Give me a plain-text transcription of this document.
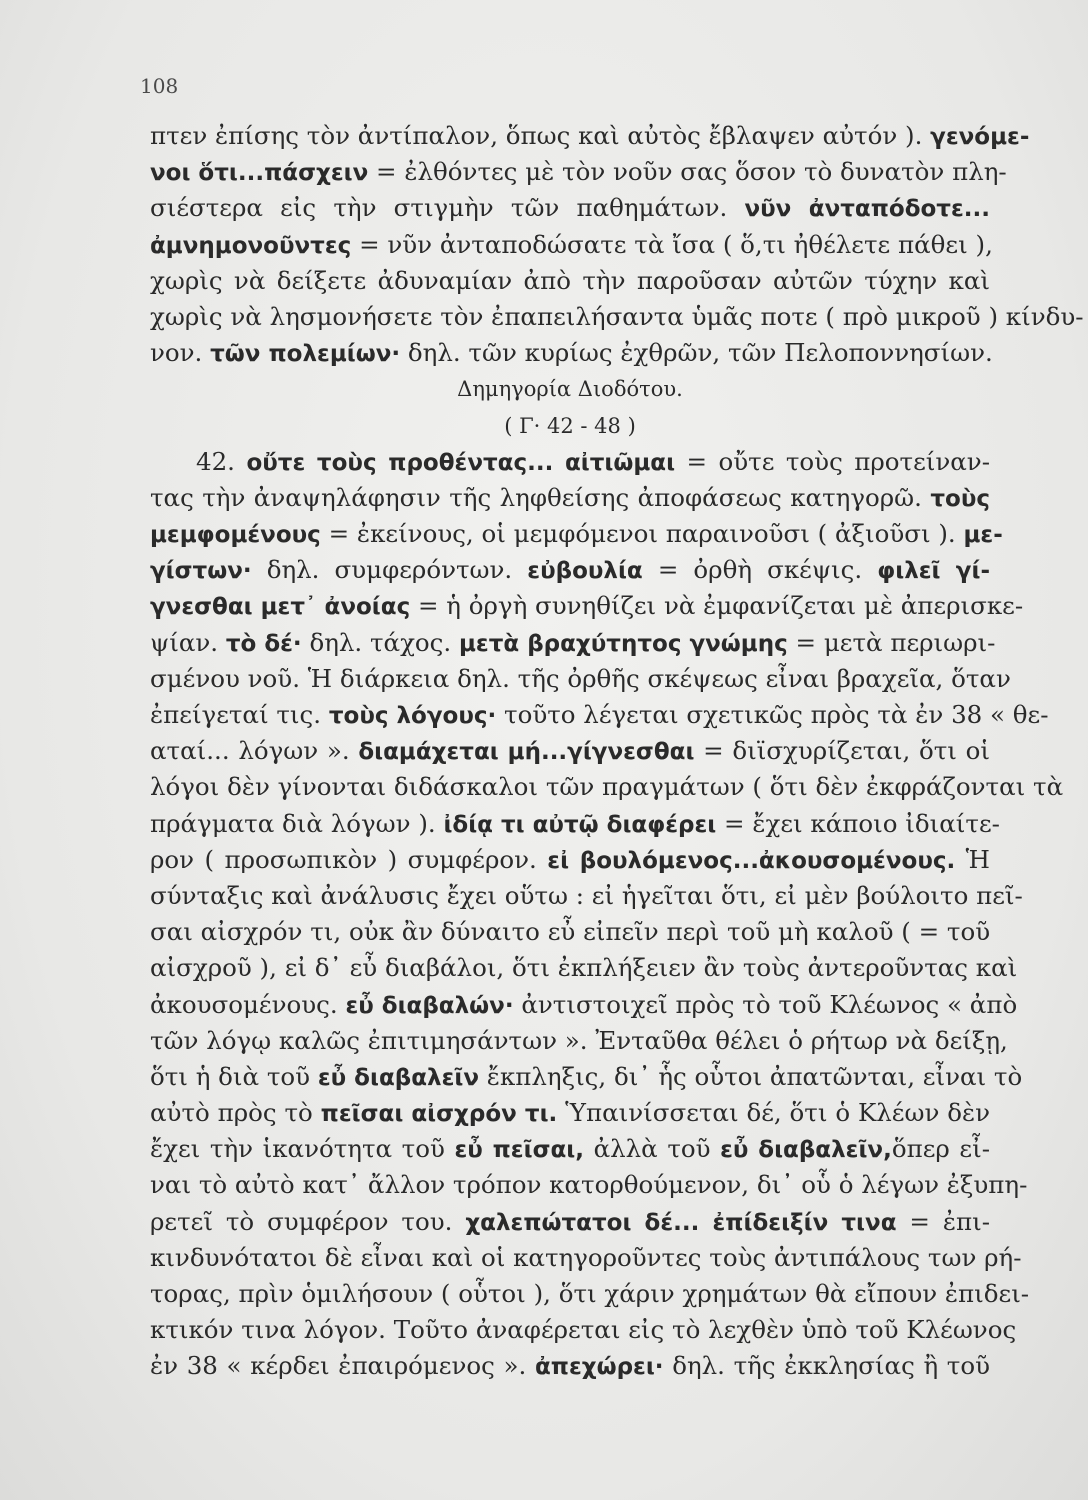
108
πτεν ἐπίσης τὸν ἀντίπαλον, ὅπως καὶ αὐτὸς ἔβλαψεν αὐτόν ). γενόμε-
νοι ὅτι...πάσχειν = ἐλθόντες μὲ τὸν νοῦν σας ὅσον τὸ δυνατὸν πλη-
σιέστερα εἰς τὴν στιγμὴν τῶν παθημάτων. νῦν ἀνταπόδοτε...
ἀμνημονοῦντες = νῦν ἀνταποδώσατε τὰ ἴσα ( ὅ,τι ἠθέλετε πάθει ),
χωρὶς νὰ δείξετε ἀδυναμίαν ἀπὸ τὴν παροῦσαν αὐτῶν τύχην καὶ
χωρὶς νὰ λησμονήσετε τὸν ἐπαπειλήσαντα ὑμᾶς ποτε ( πρὸ μικροῦ ) κίνδυ-
νον. τῶν πολεμίων· δηλ. τῶν κυρίως ἐχθρῶν, τῶν Πελοποννησίων.
Δημηγορία Διοδότου.
( Γ· 42 - 48 )
42. οὔτε τοὺς προθέντας... αἰτιῶμαι = οὔτε τοὺς προτείναν-
τας τὴν ἀναψηλάφησιν τῆς ληφθείσης ἀποφάσεως κατηγορῶ. τοὺς
μεμφομένους = ἐκείνους, οἱ μεμφόμενοι παραινοῦσι ( ἀξιοῦσι ). με-
γίστων· δηλ. συμφερόντων. εὐβουλία = ὀρθὴ σκέψις. φιλεῖ γί-
γνεσθαι μετ᾽ ἀνοίας = ἡ ὀργὴ συνηθίζει νὰ ἐμφανίζεται μὲ ἀπερισκε-
ψίαν. τὸ δέ· δηλ. τάχος. μετὰ βραχύτητος γνώμης = μετὰ περιωρι-
σμένου νοῦ. Ἡ διάρκεια δηλ. τῆς ὀρθῆς σκέψεως εἶναι βραχεῖα, ὅταν
ἐπείγεταί τις. τοὺς λόγους· τοῦτο λέγεται σχετικῶς πρὸς τὰ ἐν 38 « θε-
αταί... λόγων ». διαμάχεται μή...γίγνεσθαι = διϊσχυρίζεται, ὅτι οἱ
λόγοι δὲν γίνονται διδάσκαλοι τῶν πραγμάτων ( ὅτι δὲν ἐκφράζονται τὰ
πράγματα διὰ λόγων ). ἰδίᾳ τι αὐτῷ διαφέρει = ἔχει κάποιο ἰδιαίτε-
ρον ( προσωπικὸν ) συμφέρον. εἰ βουλόμενος...ἀκουσομένους. Ἡ
σύνταξις καὶ ἀνάλυσις ἔχει οὕτω : εἰ ἡγεῖται ὅτι, εἰ μὲν βούλοιτο πεῖ-
σαι αἰσχρόν τι, οὐκ ἂν δύναιτο εὖ εἰπεῖν περὶ τοῦ μὴ καλοῦ ( = τοῦ
αἰσχροῦ ), εἰ δ᾽ εὖ διαβάλοι, ὅτι ἐκπλήξειεν ἂν τοὺς ἀντεροῦντας καὶ
ἀκουσομένους. εὖ διαβαλών· ἀντιστοιχεῖ πρὸς τὸ τοῦ Κλέωνος « ἀπὸ
τῶν λόγῳ καλῶς ἐπιτιμησάντων ». Ἐνταῦθα θέλει ὁ ρήτωρ νὰ δείξῃ,
ὅτι ἡ διὰ τοῦ εὖ διαβαλεῖν ἔκπληξις, δι᾽ ἧς οὗτοι ἀπατῶνται, εἶναι τὸ
αὐτὸ πρὸς τὸ πεῖσαι αἰσχρόν τι. Ὑπαινίσσεται δέ, ὅτι ὁ Κλέων δὲν
ἔχει τὴν ἱκανότητα τοῦ εὖ πεῖσαι, ἀλλὰ τοῦ εὖ διαβαλεῖν,ὅπερ εἶ-
ναι τὸ αὐτὸ κατ᾽ ἄλλον τρόπον κατορθούμενον, δι᾽ οὗ ὁ λέγων ἐξυπη-
ρετεῖ τὸ συμφέρον του. χαλεπώτατοι δέ... ἐπίδειξίν τινα = ἐπι-
κινδυνότατοι δὲ εἶναι καὶ οἱ κατηγοροῦντες τοὺς ἀντιπάλους των ρή-
τορας, πρὶν ὁμιλήσουν ( οὗτοι ), ὅτι χάριν χρημάτων θὰ εἴπουν ἐπιδει-
κτικόν τινα λόγον. Τοῦτο ἀναφέρεται εἰς τὸ λεχθὲν ὑπὸ τοῦ Κλέωνος
ἐν 38 « κέρδει ἐπαιρόμενος ». ἀπεχώρει· δηλ. τῆς ἐκκλησίας ἢ τοῦ
